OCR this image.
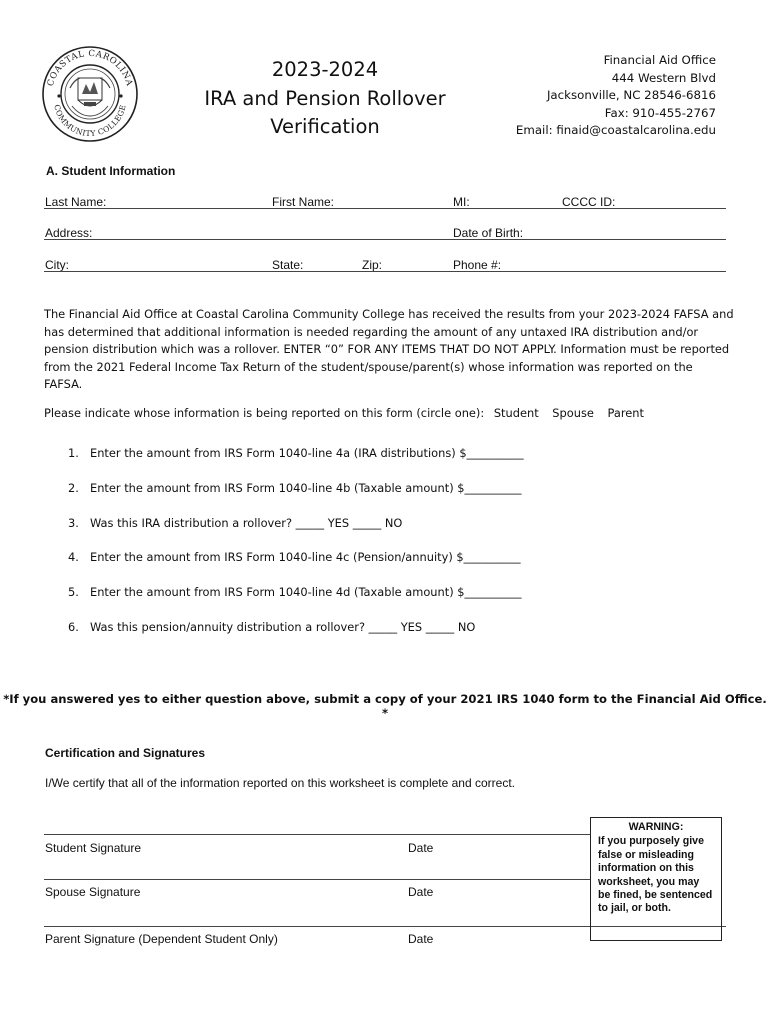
COASTAL CAROLINA
COMMUNITY COLLEGE
2023-2024
IRA and Pension Rollover
Verification
Financial Aid Office
444 Western Blvd
Jacksonville, NC 28546-6816
Fax: 910-455-2767
Email: finaid@coastalcarolina.edu
A. Student Information
Last Name:	First Name:	MI:	CCCC ID:
Address:	Date of Birth:
City:	State:	Zip:	Phone #:

The Financial Aid Office at Coastal Carolina Community College has received the results from your 2023-2024 FAFSA and has determined that additional information is needed regarding the amount of any untaxed IRA distribution and/or pension distribution which was a rollover. ENTER “0” FOR ANY ITEMS THAT DO NOT APPLY. Information must be reported from the 2021 Federal Income Tax Return of the student/spouse/parent(s) whose information was reported on the FAFSA.

Please indicate whose information is being reported on this form (circle one): Student Spouse Parent
1. Enter the amount from IRS Form 1040-line 4a (IRA distributions) $__________
2. Enter the amount from IRS Form 1040-line 4b (Taxable amount) $__________
3. Was this IRA distribution a rollover? _____ YES _____ NO
4. Enter the amount from IRS Form 1040-line 4c (Pension/annuity) $__________
5. Enter the amount from IRS Form 1040-line 4d (Taxable amount) $__________
6. Was this pension/annuity distribution a rollover? _____ YES _____ NO
*If you answered yes to either question above, submit a copy of your 2021 IRS 1040 form to the Financial Aid Office. *
Certification and Signatures
I/We certify that all of the information reported on this worksheet is complete and correct.
Student Signature	Date
Spouse Signature	Date
Parent Signature (Dependent Student Only)	Date
WARNING:
If you purposely give false or misleading information on this worksheet, you may be fined, be sentenced to jail, or both.
